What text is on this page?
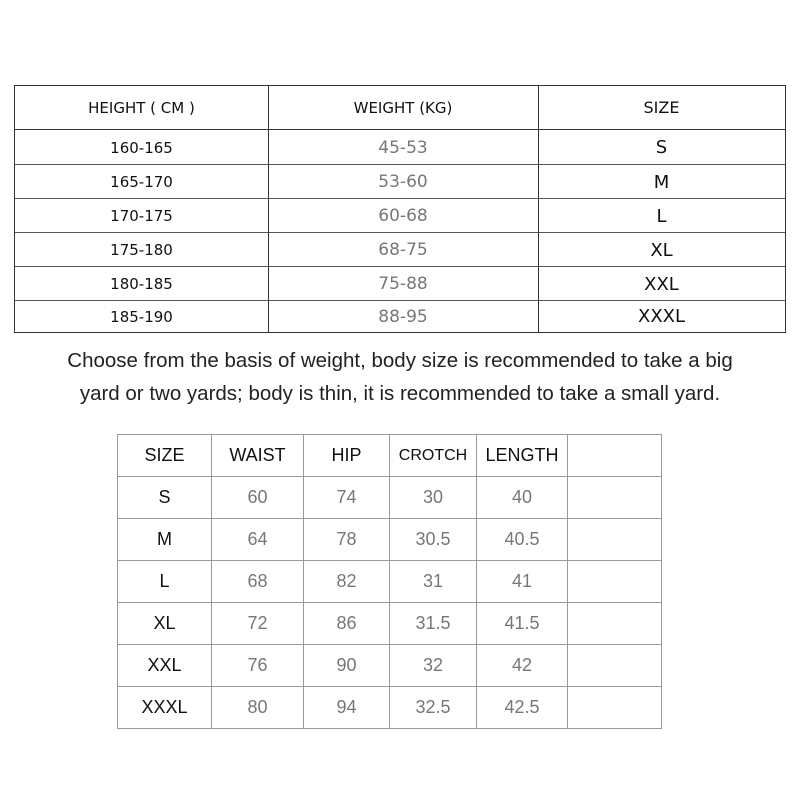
HEIGHT ( CM )	WEIGHT (KG)	SIZE
160-165	45-53	S
165-170	53-60	M
170-175	60-68	L
175-180	68-75	XL
180-185	75-88	XXL
185-190	88-95	XXXL
Choose from the basis of weight, body size is recommended to take a big
yard or two yards; body is thin, it is recommended to take a small yard.
SIZE	WAIST	HIP	CROTCH	LENGTH	
S	60	74	30	40	
M	64	78	30.5	40.5	
L	68	82	31	41	
XL	72	86	31.5	41.5	
XXL	76	90	32	42	
XXXL	80	94	32.5	42.5	
